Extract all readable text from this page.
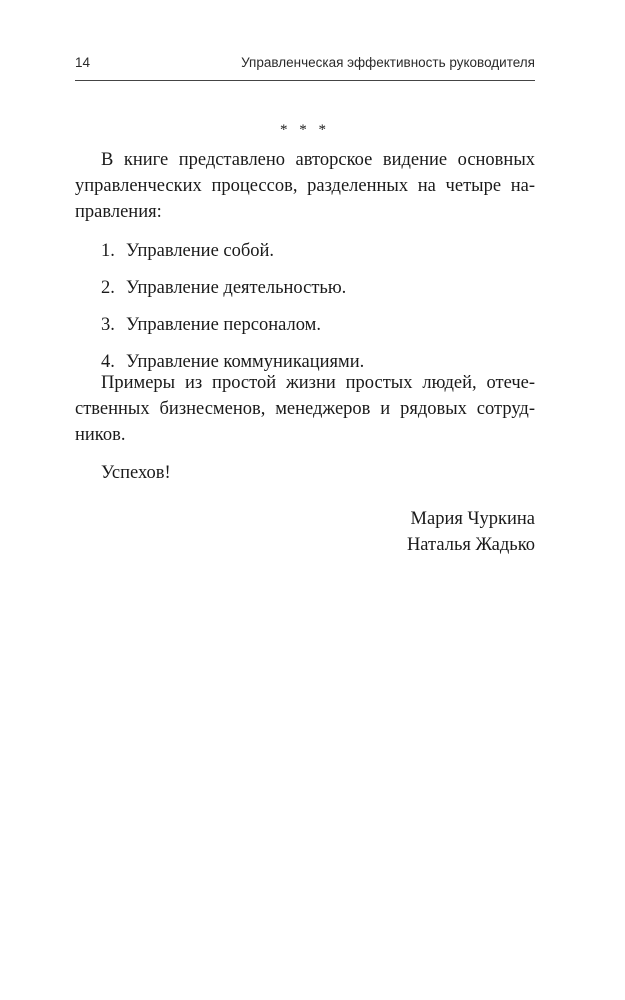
14	Управленческая эффективность руководителя
* * *

В книге представлено авторское видение основных
управленческих процессов, разделенных на четыре на-
правления:

1. Управление собой.
2. Управление деятельностью.
3. Управление персоналом.
4. Управление коммуникациями.

Примеры из простой жизни простых людей, отече-
ственных бизнесменов, менеджеров и рядовых сотруд-
ников.

Успехов!

Мария Чуркина
Наталья Жадько
